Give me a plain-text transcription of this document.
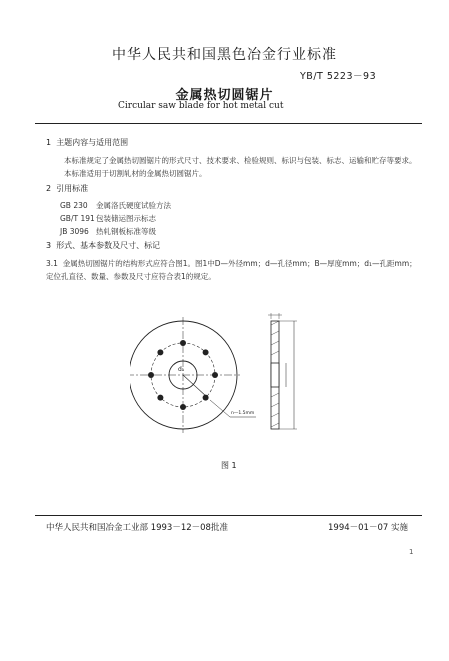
中华人民共和国黑色冶金行业标准
YB/T 5223－93
金属热切圆锯片
Circular saw blade for hot metal cut
1 主题内容与适用范围
本标准规定了金属热切圆锯片的形式尺寸、技术要求、检验规则、标识与包装、标志、运输和贮存等要求。
本标准适用于切割轧材的金属热切圆锯片。
2 引用标准
GB 230 金属洛氏硬度试验方法
GB/T 191包装储运图示标志
JB 3096 热轧钢板标准等级
3 形式、基本参数及尺寸、标记
3.1 金属热切圆锯片的结构形式应符合图1。图1中D—外径mm；d—孔径mm；B—厚度mm；d₁—孔距mm；
定位孔直径、数量、参数及尺寸应符合表1的规定。
d₁
n—1.5mm
图 1
中华人民共和国冶金工业部 1993－12－08批准	1994－01－07 实施
1
